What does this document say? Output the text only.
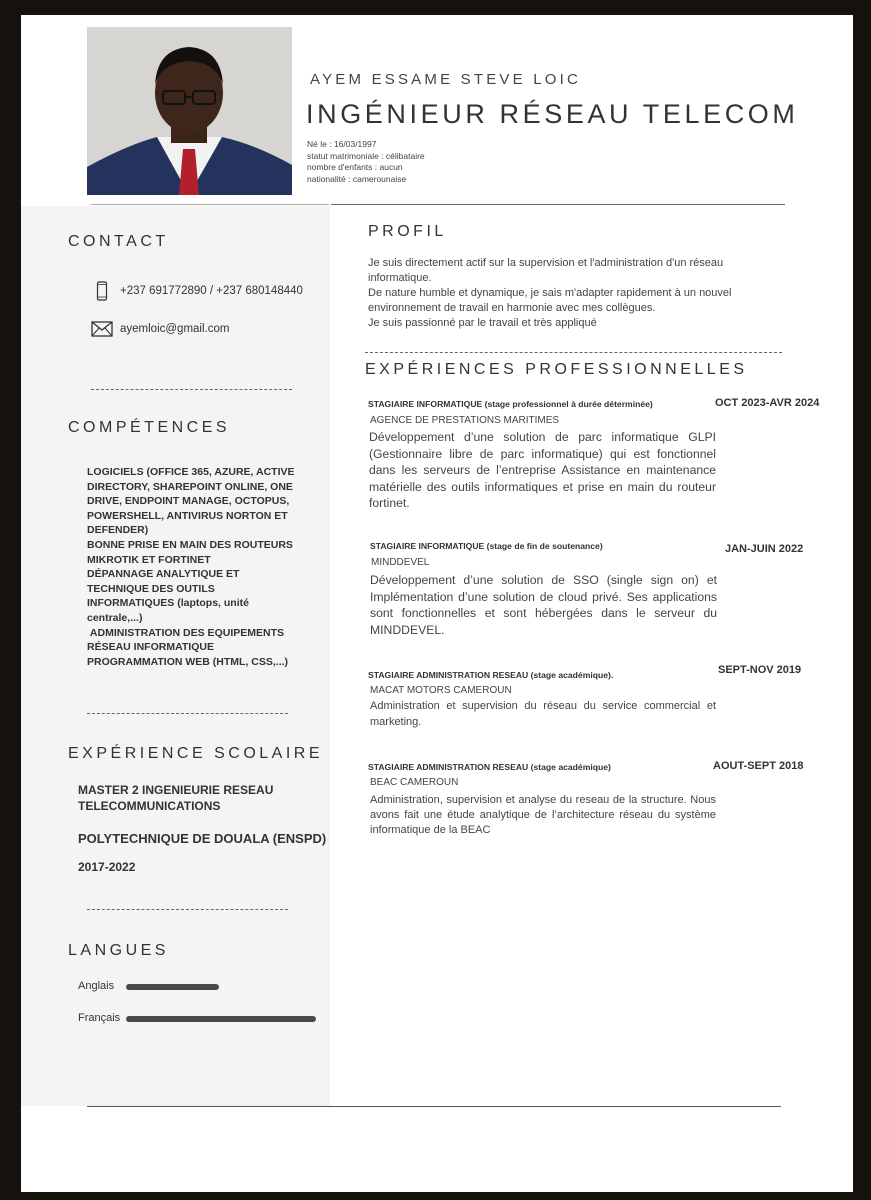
AYEM ESSAME STEVE LOIC
INGÉNIEUR RÉSEAU TELECOM
Né le : 16/03/1997
statut matrimoniale : célibataire
nombre d'enfants : aucun
nationalité : camerounaise
CONTACT
+237 691772890 / +237 680148440
ayemloic@gmail.com
COMPÉTENCES
LOGICIELS (OFFICE 365, AZURE, ACTIVE DIRECTORY, SHAREPOINT ONLINE, ONE DRIVE, ENDPOINT MANAGE, OCTOPUS, POWERSHELL, ANTIVIRUS NORTON ET DEFENDER)
BONNE PRISE EN MAIN DES ROUTEURS MIKROTIK ET FORTINET
DÉPANNAGE ANALYTIQUE ET TECHNIQUE DES OUTILS INFORMATIQUES (laptops, unité centrale,...)
ADMINISTRATION DES EQUIPEMENTS RÉSEAU INFORMATIQUE
PROGRAMMATION WEB (HTML, CSS,...)
EXPÉRIENCE SCOLAIRE
MASTER 2 INGENIEURIE RESEAU TELECOMMUNICATIONS
POLYTECHNIQUE DE DOUALA (ENSPD)
2017-2022
LANGUES
Anglais
Français
PROFIL
Je suis directement actif sur la supervision et l'administration d'un réseau informatique.
De nature humble et dynamique, je sais m'adapter rapidement à un nouvel environnement de travail en harmonie avec mes collègues.
Je suis passionné par le travail et très appliqué
EXPÉRIENCES PROFESSIONNELLES
STAGIAIRE INFORMATIQUE (stage professionnel à durée déterminée)	OCT 2023-AVR 2024
AGENCE DE PRESTATIONS MARITIMES
Développement d’une solution de parc informatique GLPI (Gestionnaire libre de parc informatique) qui est fonctionnel dans les serveurs de l’entreprise Assistance en maintenance matérielle des outils informatiques et prise en main du routeur fortinet.
STAGIAIRE INFORMATIQUE (stage de fin de soutenance)	JAN-JUIN 2022
MINDDEVEL
Développement d’une solution de SSO (single sign on) et Implémentation d’une solution de cloud privé. Ses applications sont fonctionnelles et sont hébergées dans le serveur du MINDDEVEL.
STAGIAIRE ADMINISTRATION RESEAU (stage académique).	SEPT-NOV 2019
MACAT MOTORS CAMEROUN
Administration et supervision du réseau du service commercial et marketing.
STAGIAIRE ADMINISTRATION RESEAU (stage académique)	AOUT-SEPT 2018
BEAC CAMEROUN
Administration, supervision et analyse du reseau de la structure. Nous avons fait une étude analytique de l’architecture réseau du système informatique de la BEAC
